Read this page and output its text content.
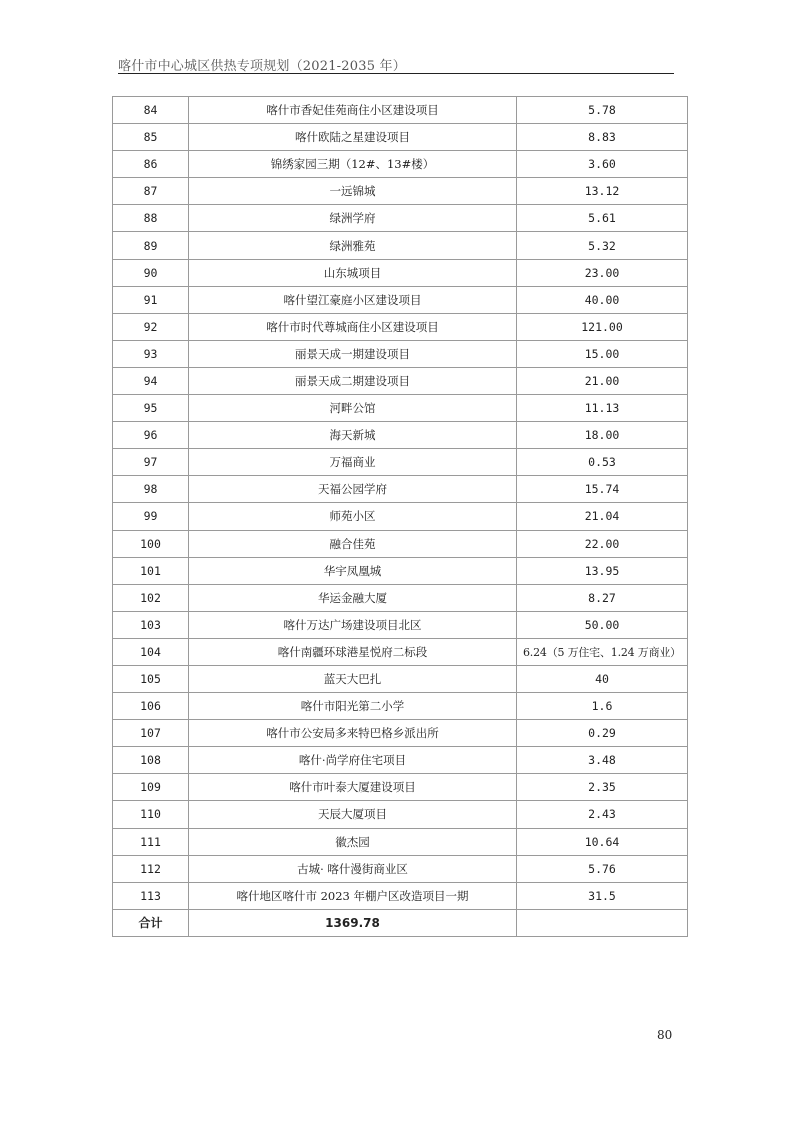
喀什市中心城区供热专项规划（2021-2035 年）
84	喀什市香妃佳苑商住小区建设项目	5.78
85	喀什欧陆之星建设项目	8.83
86	锦绣家园三期（12#、13#楼）	3.60
87	一远锦城	13.12
88	绿洲学府	5.61
89	绿洲雅苑	5.32
90	山东城项目	23.00
91	喀什望江豪庭小区建设项目	40.00
92	喀什市时代尊城商住小区建设项目	121.00
93	丽景天成一期建设项目	15.00
94	丽景天成二期建设项目	21.00
95	河畔公馆	11.13
96	海天新城	18.00
97	万福商业	0.53
98	天福公园学府	15.74
99	师苑小区	21.04
100	融合佳苑	22.00
101	华宇凤凰城	13.95
102	华运金融大厦	8.27
103	喀什万达广场建设项目北区	50.00
104	喀什南疆环球港星悦府二标段	6.24（5 万住宅、1.24 万商业）
105	蓝天大巴扎	40
106	喀什市阳光第二小学	1.6
107	喀什市公安局多来特巴格乡派出所	0.29
108	喀什·尚学府住宅项目	3.48
109	喀什市叶泰大厦建设项目	2.35
110	天辰大厦项目	2.43
111	徽杰园	10.64
112	古城· 喀什漫街商业区	5.76
113	喀什地区喀什市 2023 年棚户区改造项目一期	31.5
合计	1369.78	
80
